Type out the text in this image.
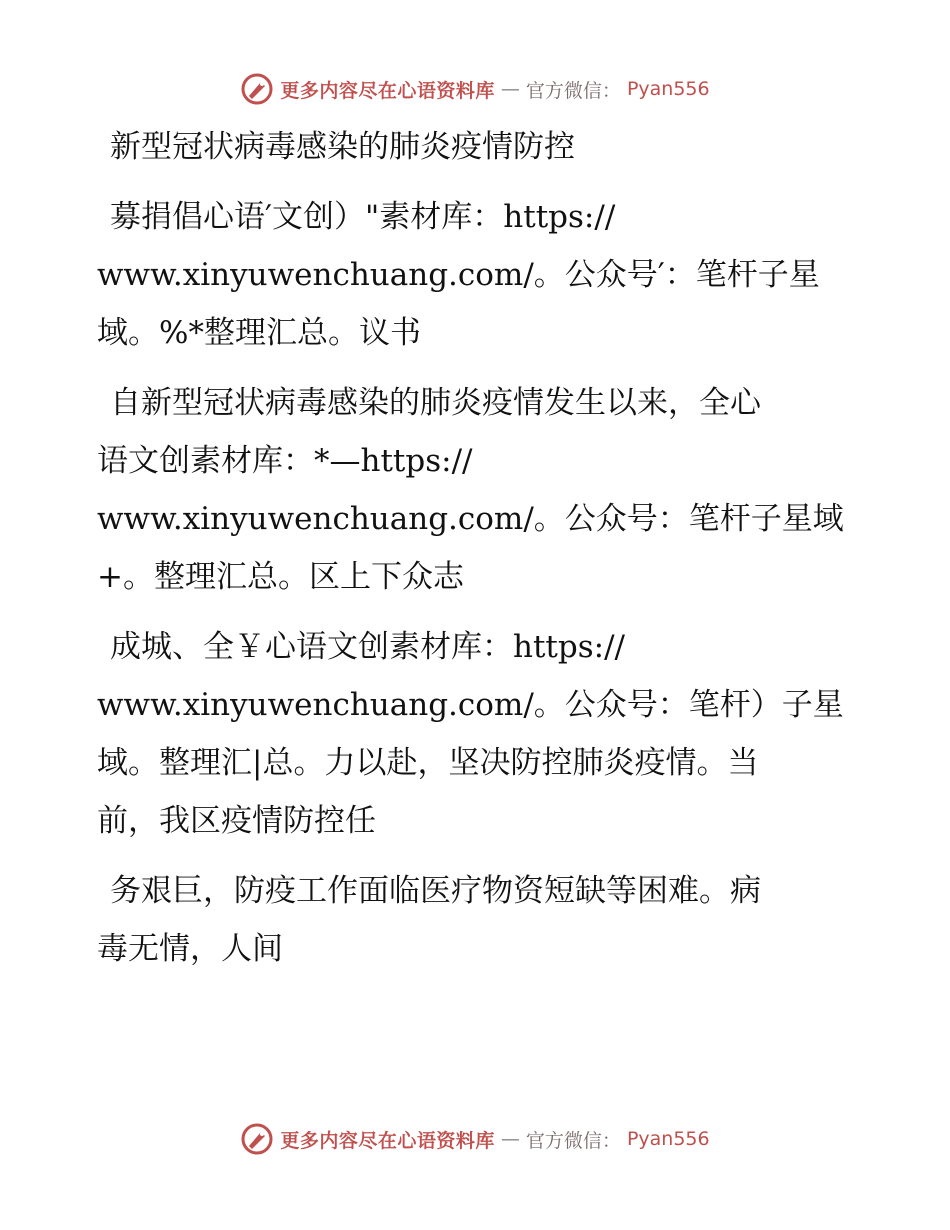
更多内容尽在心语资料库 — 官方微信： Pyan556
新型冠状病毒感染的肺炎疫情防控
募捐倡心语′文创）"素材库：https://
www.xinyuwenchuang.com/。公众号′：笔杆子星
域。%*整理汇总。议书
自新型冠状病毒感染的肺炎疫情发生以来，全心
语文创素材库：*—https://
www.xinyuwenchuang.com/。公众号：笔杆子星域
+。整理汇总。区上下众志
成城、全￥心语文创素材库：https://
www.xinyuwenchuang.com/。公众号：笔杆）子星
域。整理汇|总。力以赴，坚决防控肺炎疫情。当
前，我区疫情防控任
务艰巨，防疫工作面临医疗物资短缺等困难。病
毒无情，人间
更多内容尽在心语资料库 — 官方微信： Pyan556
